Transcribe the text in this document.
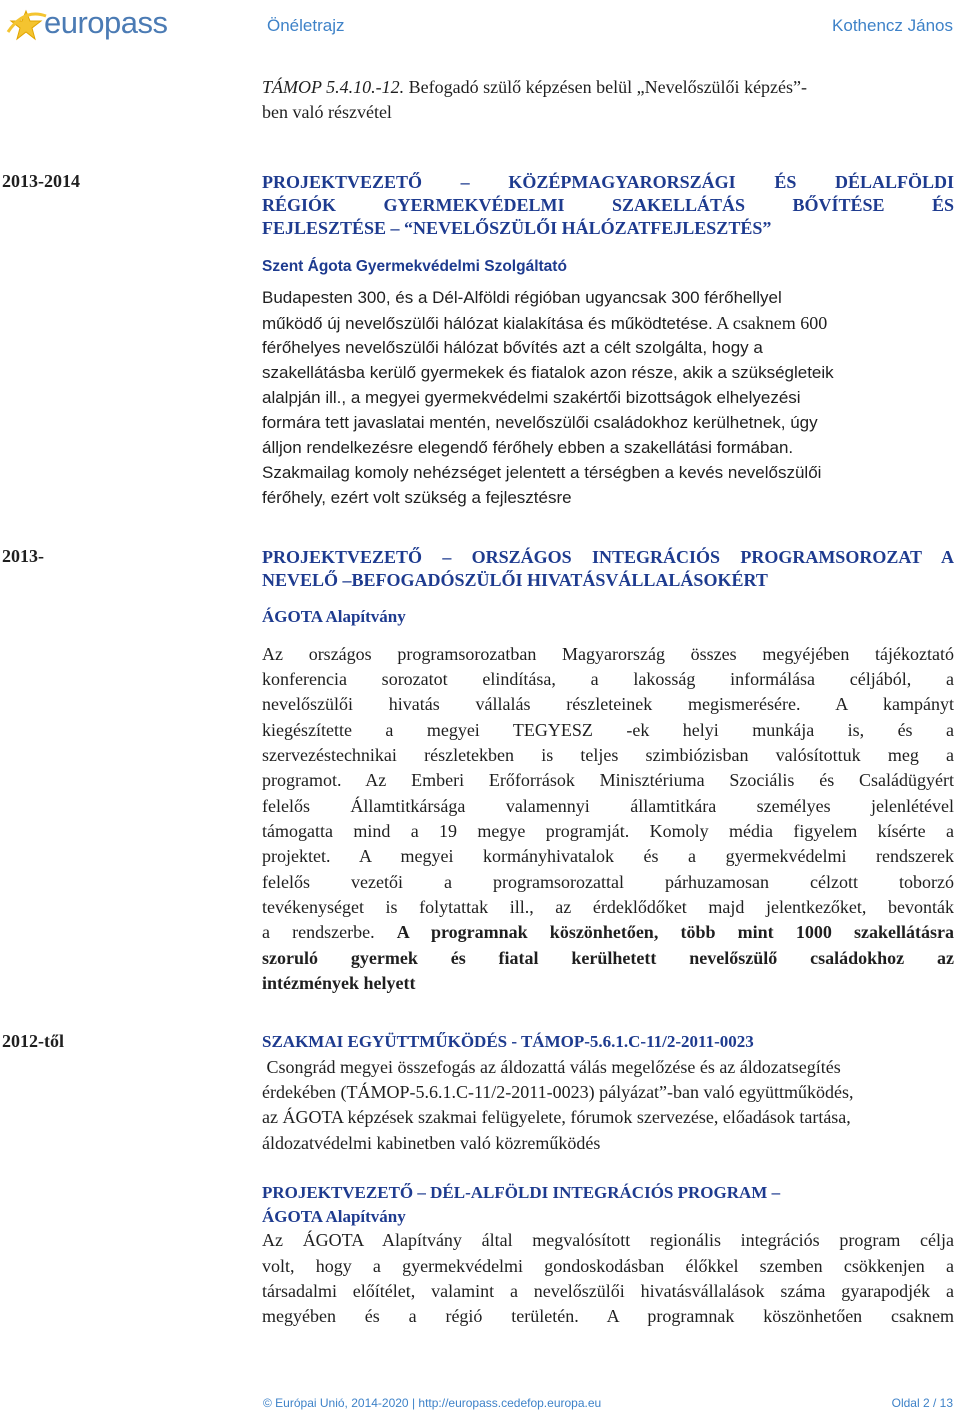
europass	Önéletrajz	Kothencz János
TÁMOP 5.4.10.-12. Befogadó szülő képzésen belül „Nevelőszülői képzés”-
ben való részvétel
2013-2014	PROJEKTVEZETŐ – KÖZÉPMAGYARORSZÁGI ÉS DÉLALFÖLDI
RÉGIÓK GYERMEKVÉDELMI SZAKELLÁTÁS BŐVÍTÉSE ÉS
FEJLESZTÉSE – “NEVELŐSZÜLŐI HÁLÓZATFEJLESZTÉS”
Szent Ágota Gyermekvédelmi Szolgáltató
Budapesten 300, és a Dél-Alföldi régióban ugyancsak 300 férőhellyel
működő új nevelőszülői hálózat kialakítása és működtetése. A csaknem 600
férőhelyes nevelőszülői hálózat bővítés azt a célt szolgálta, hogy a
szakellátásba kerülő gyermekek és fiatalok azon része, akik a szükségleteik
alalpján ill., a megyei gyermekvédelmi szakértői bizottságok elhelyezési
formára tett javaslatai mentén, nevelőszülői családokhoz kerülhetnek, úgy
álljon rendelkezésre elegendő férőhely ebben a szakellátási formában.
Szakmailag komoly nehézséget jelentett a térségben a kevés nevelőszülői
férőhely, ezért volt szükség a fejlesztésre
2013-	PROJEKTVEZETŐ – ORSZÁGOS INTEGRÁCIÓS PROGRAMSOROZAT A
NEVELŐ –BEFOGADÓSZÜLŐI HIVATÁSVÁLLALÁSOKÉRT
ÁGOTA Alapítvány
Az országos programsorozatban Magyarország összes megyéjében tájékoztató
konferencia sorozatot elindítása, a lakosság informálása céljából, a
nevelőszülői hivatás vállalás részleteinek megismerésére. A kampányt
kiegészítette a megyei TEGYESZ -ek helyi munkája is, és a
szervezéstechnikai részletekben is teljes szimbiózisban valósítottuk meg a
programot. Az Emberi Erőforrások Minisztériuma Szociális és Családügyért
felelős Államtitkársága valamennyi államtitkára személyes jelenlétével
támogatta mind a 19 megye programját. Komoly média figyelem kísérte a
projektet. A megyei kormányhivatalok és a gyermekvédelmi rendszerek
felelős vezetői a programsorozattal párhuzamosan célzott toborzó
tevékenységet is folytattak ill., az érdeklődőket majd jelentkezőket, bevonták
a rendszerbe. A programnak köszönhetően, több mint 1000 szakellátásra
szoruló gyermek és fiatal kerülhetett nevelőszülő családokhoz az
intézmények helyett
2012-től	SZAKMAI EGYÜTTMŰKÖDÉS - TÁMOP-5.6.1.C-11/2-2011-0023
Csongrád megyei összefogás az áldozattá válás megelőzése és az áldozatsegítés
érdekében (TÁMOP-5.6.1.C-11/2-2011-0023) pályázat”-ban való együttműködés,
az ÁGOTA képzések szakmai felügyelete, fórumok szervezése, előadások tartása,
áldozatvédelmi kabinetben való közreműködés
PROJEKTVEZETŐ – DÉL-ALFÖLDI INTEGRÁCIÓS PROGRAM –
ÁGOTA Alapítvány
Az ÁGOTA Alapítvány által megvalósított regionális integrációs program célja
volt, hogy a gyermekvédelmi gondoskodásban élőkkel szemben csökkenjen a
társadalmi előítélet, valamint a nevelőszülői hivatásvállalások száma gyarapodjék a
megyében és a régió területén. A programnak köszönhetően csaknem
© Európai Unió, 2014-2020 | http://europass.cedefop.europa.eu	Oldal 2 / 13
